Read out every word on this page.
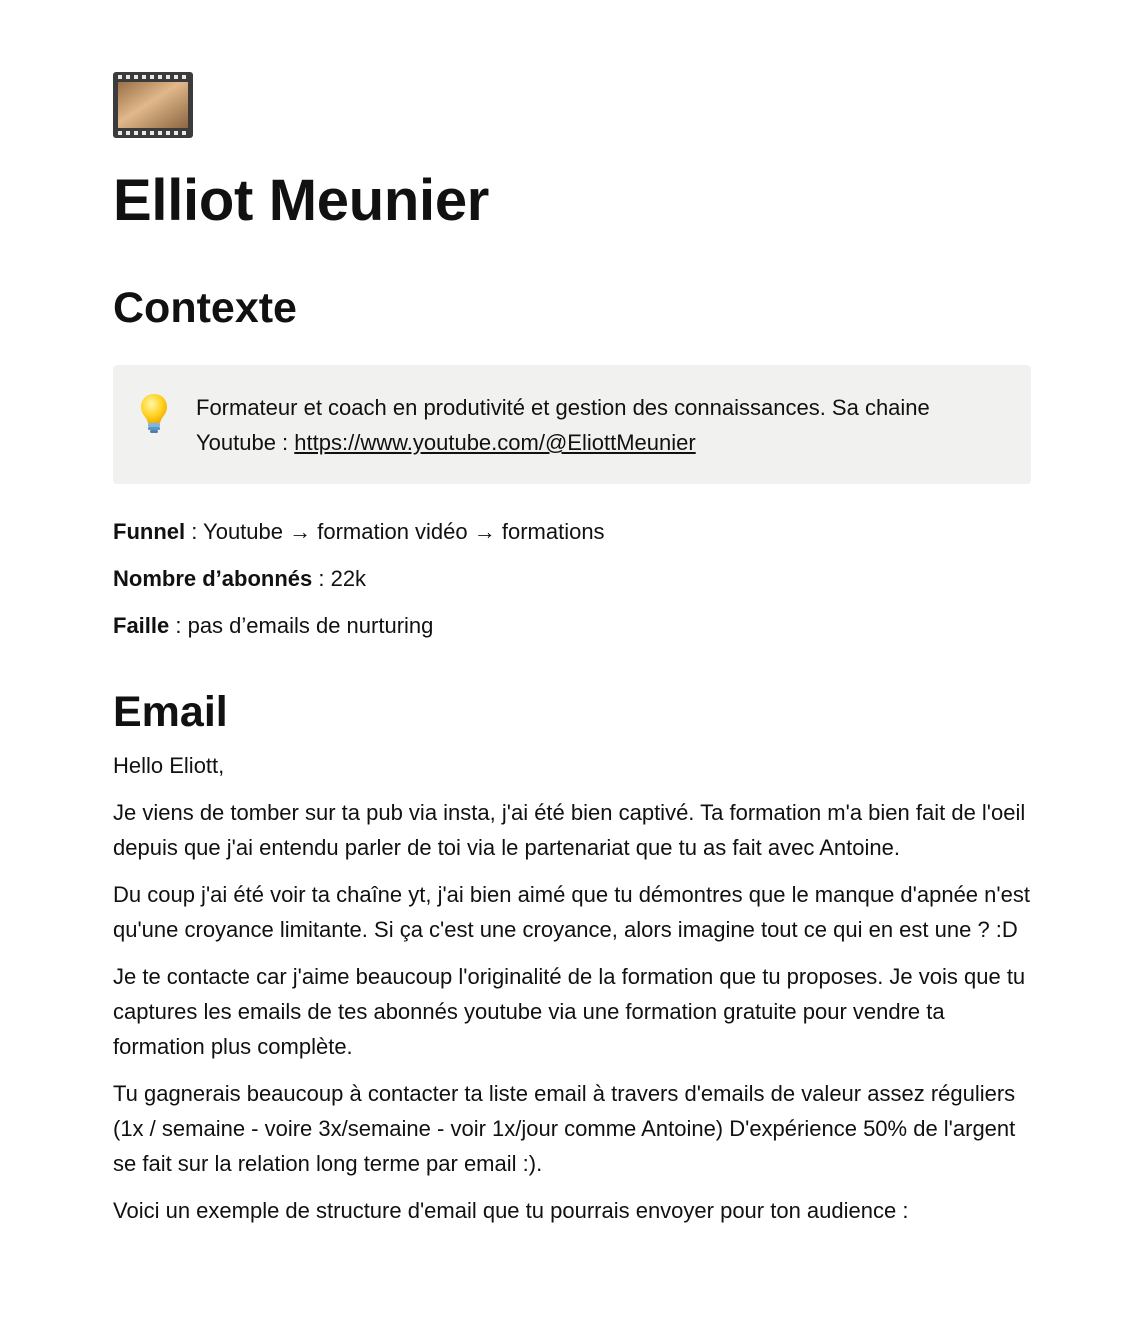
Elliot Meunier
Contexte
Formateur et coach en produtivité et gestion des connaissances. Sa chaine Youtube : https://www.youtube.com/@EliottMeunier

Funnel : Youtube → formation vidéo → formations

Nombre d’abonnés : 22k

Faille : pas d’emails de nurturing

Email

Hello Eliott,

Je viens de tomber sur ta pub via insta, j'ai été bien captivé. Ta formation m'a bien fait de l'oeil depuis que j'ai entendu parler de toi via le partenariat que tu as fait avec Antoine.

Du coup j'ai été voir ta chaîne yt, j'ai bien aimé que tu démontres que le manque d'apnée n'est qu'une croyance limitante. Si ça c'est une croyance, alors imagine tout ce qui en est une ? :D

Je te contacte car j'aime beaucoup l'originalité de la formation que tu proposes. Je vois que tu captures les emails de tes abonnés youtube via une formation gratuite pour vendre ta formation plus complète.

Tu gagnerais beaucoup à contacter ta liste email à travers d'emails de valeur assez réguliers (1x / semaine - voire 3x/semaine - voir 1x/jour comme Antoine) D'expérience 50% de l'argent se fait sur la relation long terme par email :).

Voici un exemple de structure d'email que tu pourrais envoyer pour ton audience :
